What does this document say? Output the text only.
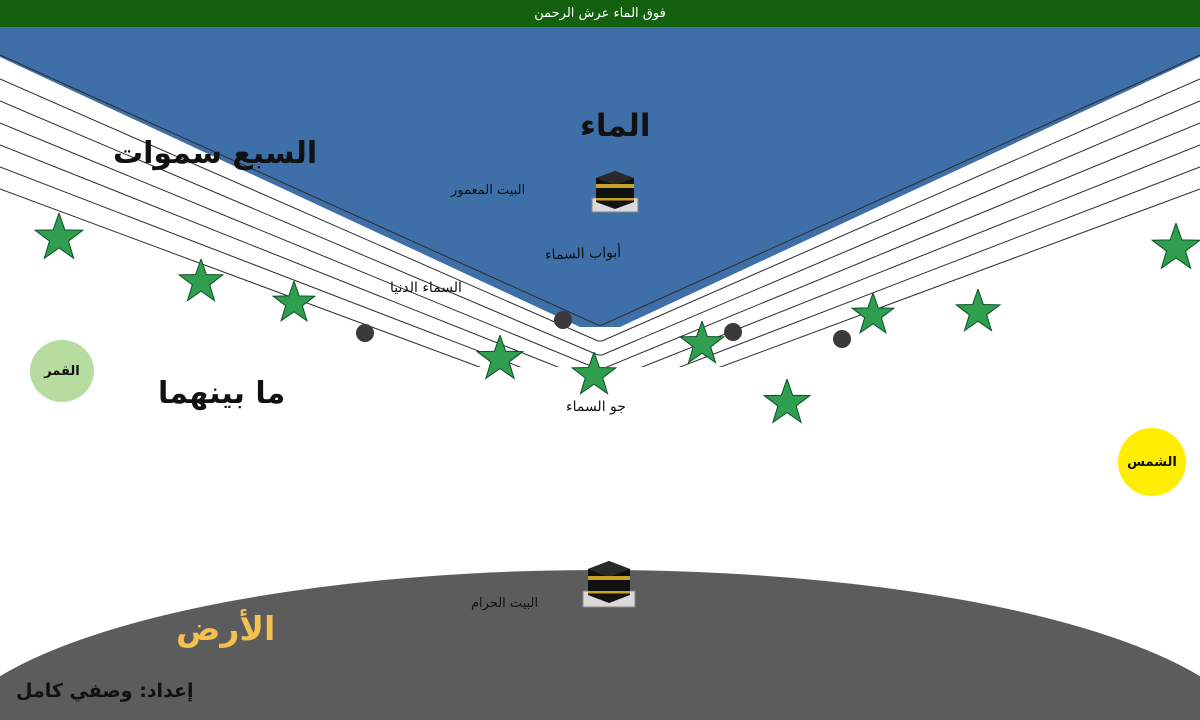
فوق الماء عرش الرحمن
الماء
السبع سموات
البيت المعمور
أبواب السماء
السماء الدنيا
جو السماء
ما بينهما
القمر
الشمس
الأرض
البيت الحرام
إعداد: وصفي كامل
